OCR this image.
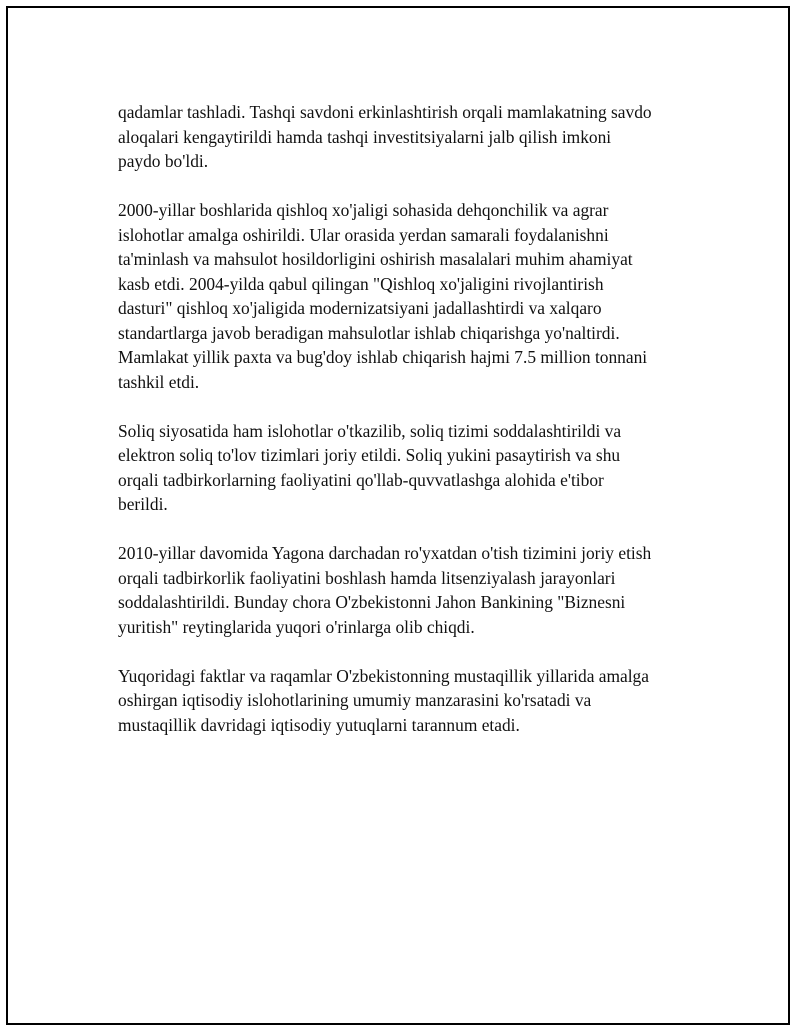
qadamlar tashladi. Tashqi savdoni erkinlashtirish orqali mamlakatning savdo
aloqalari kengaytirildi hamda tashqi investitsiyalarni jalb qilish imkoni
paydo bo'ldi.

2000-yillar boshlarida qishloq xo'jaligi sohasida dehqonchilik va agrar
islohotlar amalga oshirildi. Ular orasida yerdan samarali foydalanishni
ta'minlash va mahsulot hosildorligini oshirish masalalari muhim ahamiyat
kasb etdi. 2004-yilda qabul qilingan "Qishloq xo'jaligini rivojlantirish
dasturi" qishloq xo'jaligida modernizatsiyani jadallashtirdi va xalqaro
standartlarga javob beradigan mahsulotlar ishlab chiqarishga yo'naltirdi.
Mamlakat yillik paxta va bug'doy ishlab chiqarish hajmi 7.5 million tonnani
tashkil etdi.

Soliq siyosatida ham islohotlar o'tkazilib, soliq tizimi soddalashtirildi va
elektron soliq to'lov tizimlari joriy etildi. Soliq yukini pasaytirish va shu
orqali tadbirkorlarning faoliyatini qo'llab-quvvatlashga alohida e'tibor
berildi.

2010-yillar davomida Yagona darchadan ro'yxatdan o'tish tizimini joriy etish
orqali tadbirkorlik faoliyatini boshlash hamda litsenziyalash jarayonlari
soddalashtirildi. Bunday chora O'zbekistonni Jahon Bankining "Biznesni
yuritish" reytinglarida yuqori o'rinlarga olib chiqdi.

Yuqoridagi faktlar va raqamlar O'zbekistonning mustaqillik yillarida amalga
oshirgan iqtisodiy islohotlarining umumiy manzarasini ko'rsatadi va
mustaqillik davridagi iqtisodiy yutuqlarni tarannum etadi.
